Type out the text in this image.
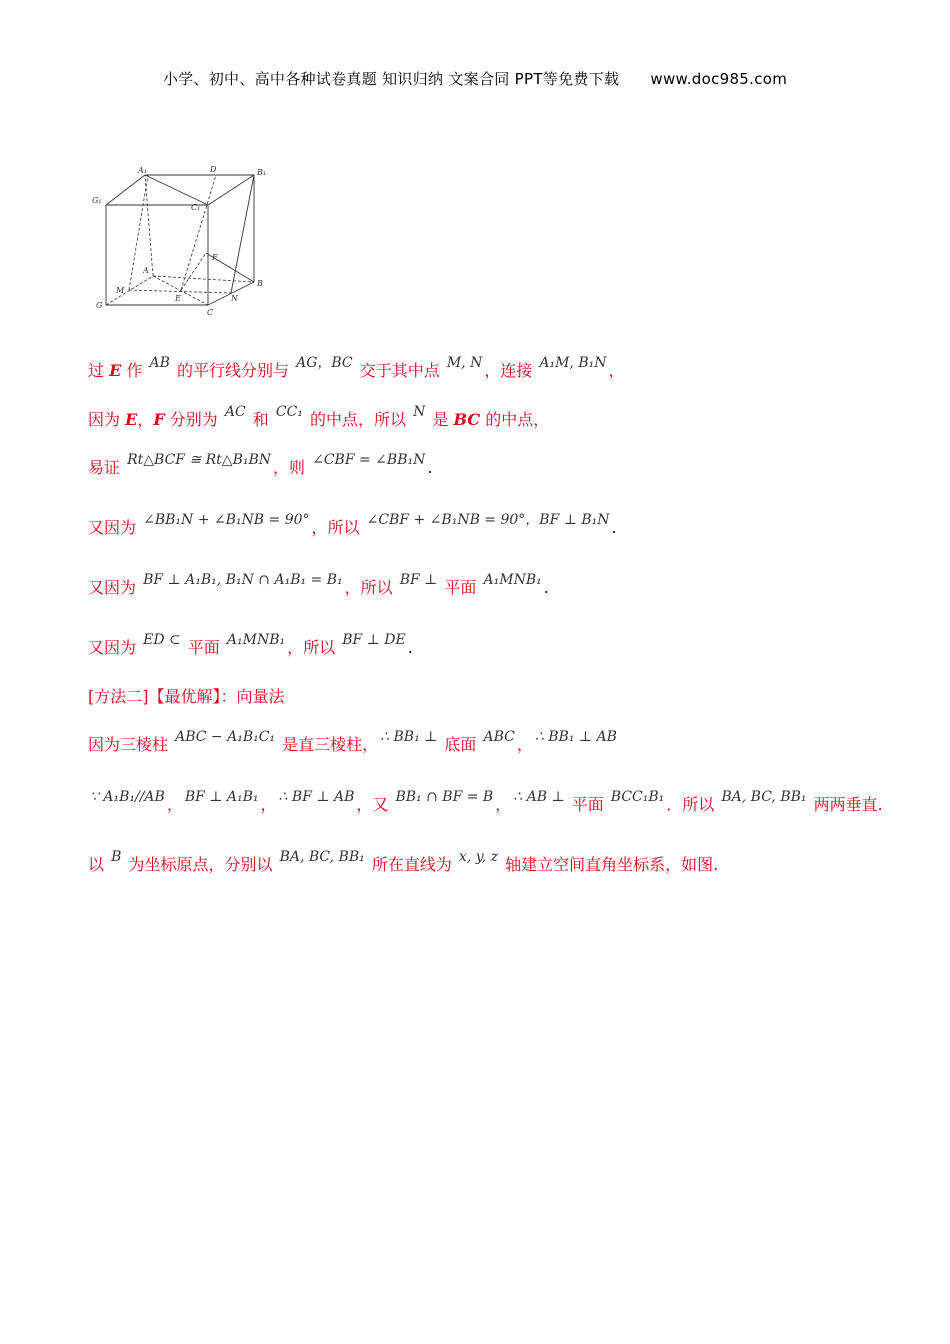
小学、初中、高中各种试卷真题 知识归纳 文案合同 PPT等免费下载 www.doc985.com
A₁	D	B₁
G₁
C₁
A
F
M
E
B
N
G
C
过 E 作 AB 的平行线分别与 AG，BC 交于其中点 M, N ，连接 A₁M, B₁N ，
因为 E，F 分别为 AC 和 CC₁ 的中点，所以 N 是 BC 的中点，
易证 Rt△BCF ≅ Rt△B₁BN ，则 ∠CBF = ∠BB₁N .
又因为 ∠BB₁N + ∠B₁NB = 90° ，所以 ∠CBF + ∠B₁NB = 90°，BF ⊥ B₁N .
又因为 BF ⊥ A₁B₁, B₁N ∩ A₁B₁ = B₁ ，所以 BF ⊥ 平面 A₁MNB₁ .
又因为 ED ⊂ 平面 A₁MNB₁ ，所以 BF ⊥ DE .
[方法二]【最优解】：向量法
因为三棱柱 ABC − A₁B₁C₁ 是直三棱柱， ∴ BB₁ ⊥ 底面 ABC ， ∴ BB₁ ⊥ AB
∵ A₁B₁//AB ， BF ⊥ A₁B₁ ， ∴ BF ⊥ AB ，又 BB₁ ∩ BF = B ， ∴ AB ⊥ 平面 BCC₁B₁ ．所以 BA, BC, BB₁ 两两垂直.
以 B 为坐标原点，分别以 BA, BC, BB₁ 所在直线为 x, y, z 轴建立空间直角坐标系，如图.
